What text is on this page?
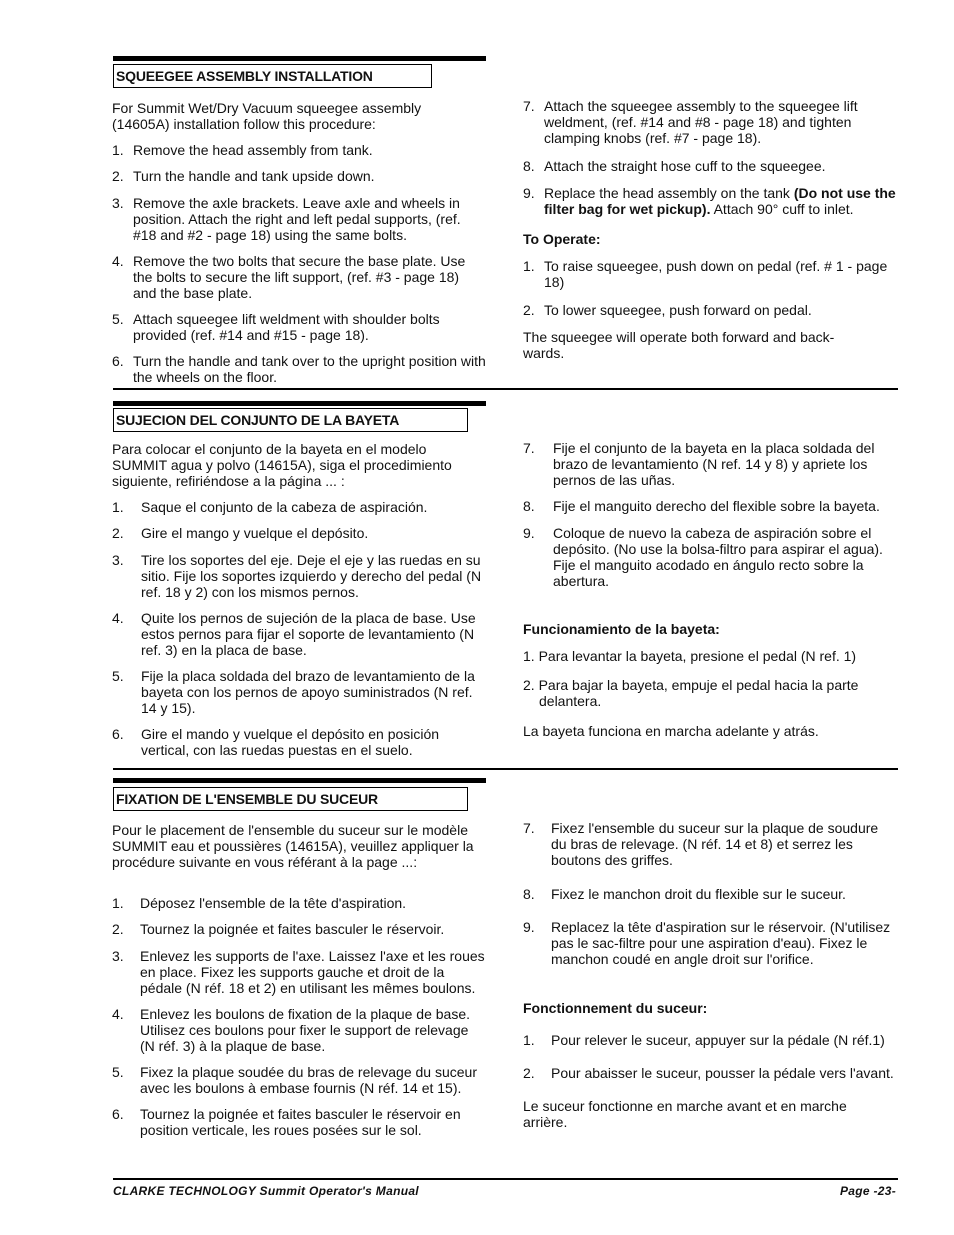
SQUEEGEE ASSEMBLY INSTALLATION

For Summit Wet/Dry Vacuum squeegee assembly (14605A) installation follow this procedure:

1. Remove the head assembly from tank.
2. Turn the handle and tank upside down.
3. Remove the axle brackets. Leave axle and wheels in position. Attach the right and left pedal supports, (ref. #18 and #2 - page 18) using the same bolts.
4. Remove the two bolts that secure the base plate. Use the bolts to secure the lift support, (ref. #3 - page 18) and the base plate.
5. Attach squeegee lift weldment with shoulder bolts provided (ref. #14 and #15 - page 18).
6. Turn the handle and tank over to the upright position with the wheels on the floor.
7. Attach the squeegee assembly to the squeegee lift weldment, (ref. #14 and #8 - page 18) and tighten clamping knobs (ref. #7 - page 18).
8. Attach the straight hose cuff to the squeegee.
9. Replace the head assembly on the tank (Do not use the filter bag for wet pickup). Attach 90° cuff to inlet.
To Operate:
1. To raise squeegee, push down on pedal (ref. # 1 - page 18)
2. To lower squeegee, push forward on pedal.
The squeegee will operate both forward and back- wards.
SUJECION DEL CONJUNTO DE LA BAYETA

Para colocar el conjunto de la bayeta en el modelo SUMMIT agua y polvo (14615A), siga el procedimiento siguiente, refiriéndose a la página ... :

1. Saque el conjunto de la cabeza de aspiración.
2. Gire el mango y vuelque el depósito.
3. Tire los soportes del eje. Deje el eje y las ruedas en su sitio. Fije los soportes izquierdo y derecho del pedal (N ref. 18 y 2) con los mismos pernos.
4. Quite los pernos de sujeción de la placa de base. Use estos pernos para fijar el soporte de levantamiento (N ref. 3) en la placa de base.
5. Fije la placa soldada del brazo de levantamiento de la bayeta con los pernos de apoyo suministrados (N ref. 14 y 15).
6. Gire el mando y vuelque el depósito en posición vertical, con las ruedas puestas en el suelo.
7. Fije el conjunto de la bayeta en la placa soldada del brazo de levantamiento (N ref. 14 y 8) y apriete los pernos de las uñas.
8. Fije el manguito derecho del flexible sobre la bayeta.
9. Coloque de nuevo la cabeza de aspiración sobre el depósito. (No use la bolsa-filtro para aspirar el agua). Fije el manguito acodado en ángulo recto sobre la abertura.
Funcionamiento de la bayeta:
1. Para levantar la bayeta, presione el pedal (N ref. 1)
2. Para bajar la bayeta, empuje el pedal hacia la parte delantera.
La bayeta funciona en marcha adelante y atrás.
FIXATION DE L'ENSEMBLE DU SUCEUR

Pour le placement de l'ensemble du suceur sur le modèle SUMMIT eau et poussières (14615A), veuillez appliquer la procédure suivante en vous référant à la page ...:

1. Déposez l'ensemble de la tête d'aspiration.
2. Tournez la poignée et faites basculer le réservoir.
3. Enlevez les supports de l'axe. Laissez l'axe et les roues en place. Fixez les supports gauche et droit de la pédale (N réf. 18 et 2) en utilisant les mêmes boulons.
4. Enlevez les boulons de fixation de la plaque de base. Utilisez ces boulons pour fixer le support de relevage (N réf. 3) à la plaque de base.
5. Fixez la plaque soudée du bras de relevage du suceur avec les boulons à embase fournis (N réf. 14 et 15).
6. Tournez la poignée et faites basculer le réservoir en position verticale, les roues posées sur le sol.
7. Fixez l'ensemble du suceur sur la plaque de soudure du bras de relevage. (N réf. 14 et 8) et serrez les boutons des griffes.
8. Fixez le manchon droit du flexible sur le suceur.
9. Replacez la tête d'aspiration sur le réservoir. (N'utilisez pas le sac-filtre pour une aspiration d'eau). Fixez le manchon coudé en angle droit sur l'orifice.
Fonctionnement du suceur:
1. Pour relever le suceur, appuyer sur la pédale (N réf.1)
2. Pour abaisser le suceur, pousser la pédale vers l'avant.
Le suceur fonctionne en marche avant et en marche arrière.
CLARKE TECHNOLOGY Summit Operator's Manual	Page -23-
